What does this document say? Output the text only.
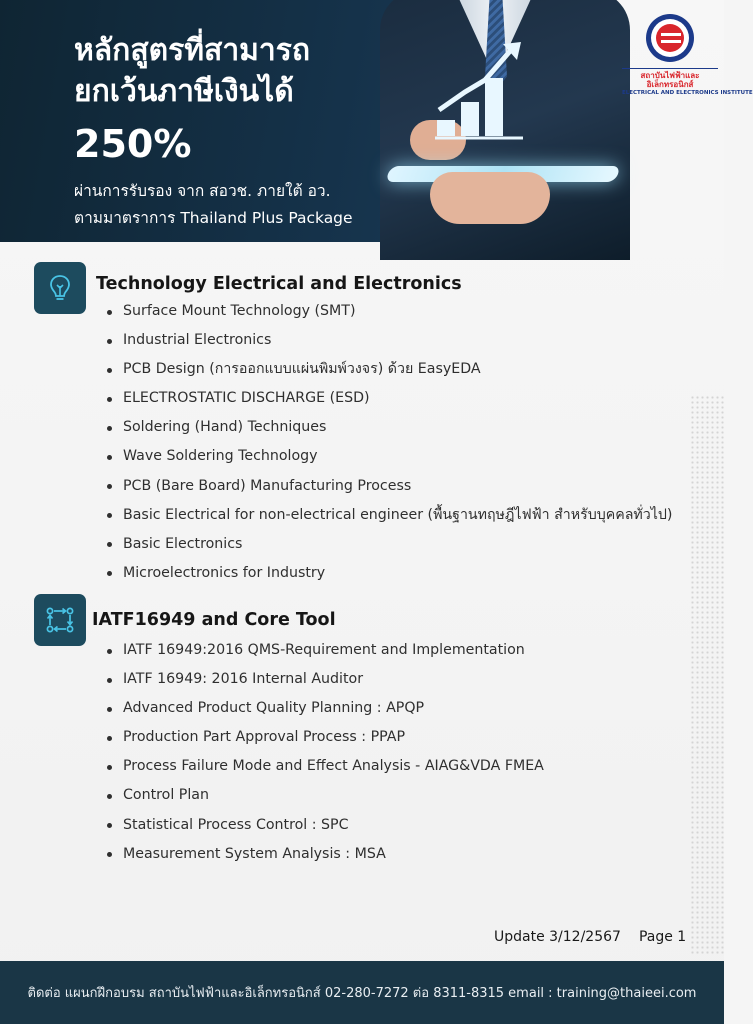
หลักสูตรที่สามารถ
ยกเว้นภาษีเงินได้
250%
ผ่านการรับรอง จาก สอวช. ภายใต้ อว.
ตามมาตราการ Thailand Plus Package
สถาบันไฟฟ้าและอิเล็กทรอนิกส์
ELECTRICAL AND ELECTRONICS INSTITUTE
Technology Electrical and Electronics
Surface Mount Technology (SMT)
Industrial Electronics
PCB Design (การออกแบบแผ่นพิมพ์วงจร) ด้วย EasyEDA
ELECTROSTATIC DISCHARGE (ESD)
Soldering (Hand) Techniques
Wave Soldering Technology
PCB (Bare Board) Manufacturing Process
Basic Electrical for non-electrical engineer (พื้นฐานทฤษฎีไฟฟ้า สำหรับบุคคลทั่วไป)
Basic Electronics
Microelectronics for Industry
IATF16949 and Core Tool
IATF 16949:2016 QMS-Requirement and Implementation
IATF 16949: 2016 Internal Auditor
Advanced Product Quality Planning : APQP
Production Part Approval Process : PPAP
Process Failure Mode and Effect Analysis - AIAG&VDA FMEA
Control Plan
Statistical Process Control : SPC
Measurement System Analysis : MSA
Update 3/12/2567 Page 1
ติดต่อ แผนกฝึกอบรม สถาบันไฟฟ้าและอิเล็กทรอนิกส์ 02-280-7272 ต่อ 8311-8315 email : training@thaieei.com
